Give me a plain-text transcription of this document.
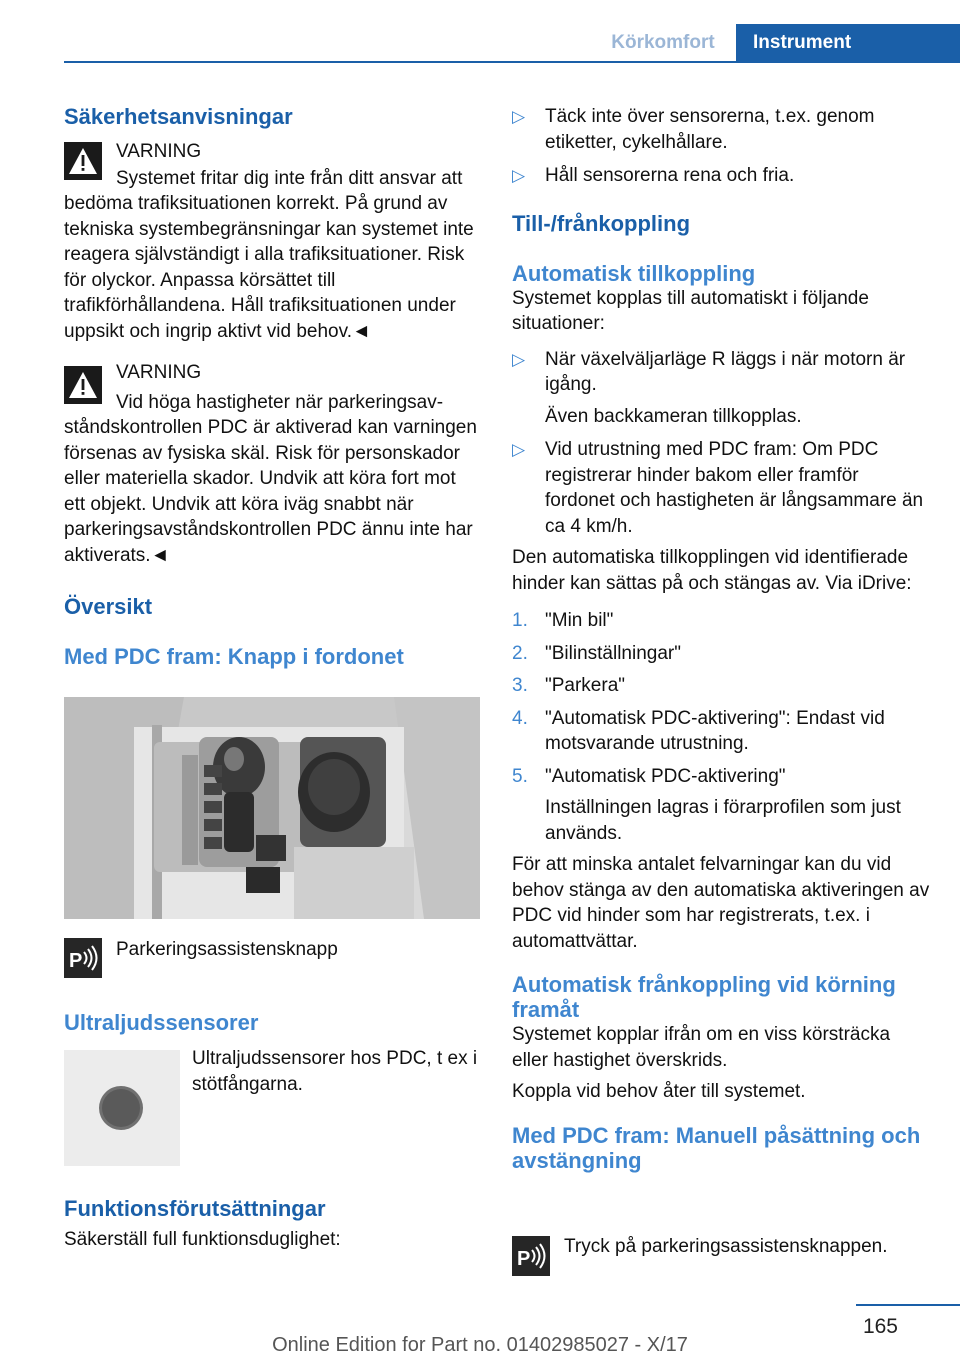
Körkomfort	Instrument
Säkerhetsanvisningar
VARNING
Systemet fritar dig inte från ditt ansvar att

bedöma trafiksituationen korrekt. På grund av tekniska systembegränsningar kan systemet inte reagera självständigt i alla trafiksituationer. Risk för olyckor. Anpassa körsättet till trafikförhållandena. Håll trafiksituationen under uppsikt och ingrip aktivt vid behov.◄

VARNING
Vid höga hastigheter när parkeringsav-

ståndskontrollen PDC är aktiverad kan varningen försenas av fysiska skäl. Risk för personskador eller materiella skador. Undvik att köra fort mot ett objekt. Undvik att köra iväg snabbt när parkeringsavståndskontrollen PDC ännu inte har aktiverats.◄

Översikt
Med PDC fram: Knapp i fordonet
P
Parkeringsassistensknapp
Ultraljudssensorer
Ultraljudssensorer hos PDC, t ex i stötfångarna.
Funktionsförutsättningar
Säkerställ full funktionsduglighet:
▷ Täck inte över sensorerna, t.ex. genom etiketter, cykelhållare.
▷ Håll sensorerna rena och fria.
Till-/frånkoppling
Automatisk tillkoppling

Systemet kopplas till automatiskt i följande situationer:

▷ När växelväljarläge R läggs i när motorn är igång.
Även backkameran tillkopplas.
▷ Vid utrustning med PDC fram: Om PDC registrerar hinder bakom eller framför fordonet och hastigheten är långsammare än ca 4 km/h.

Den automatiska tillkopplingen vid identifierade hinder kan sättas på och stängas av. Via iDrive:

1. "Min bil"
2. "Bilinställningar"
3. "Parkera"
4. "Automatisk PDC-aktivering": Endast vid motsvarande utrustning.
5. "Automatisk PDC-aktivering"
Inställningen lagras i förarprofilen som just används.

För att minska antalet felvarningar kan du vid behov stänga av den automatiska aktiveringen av PDC vid hinder som har registrerats, t.ex. i automattvättar.

Automatisk frånkoppling vid körning framåt

Systemet kopplar ifrån om en viss körsträcka eller hastighet överskrids.

Koppla vid behov åter till systemet.

Med PDC fram: Manuell påsättning och avstängning
P
Tryck på parkeringsassistensknappen.
165
Online Edition for Part no. 01402985027 - X/17
